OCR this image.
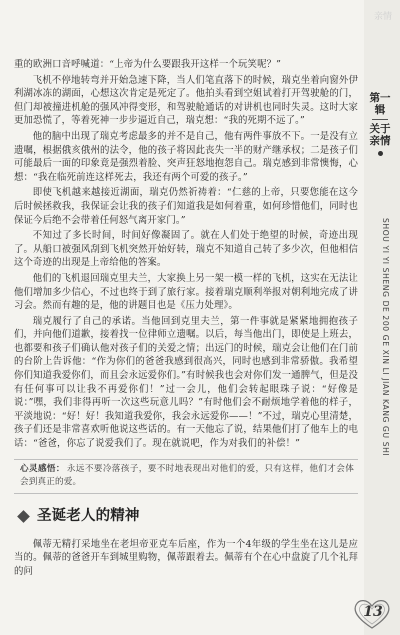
亲情
第一辑
关于亲情
SHOU YI YI SHENG DE 200 GE XIN LI JIAN KANG GU SHI

重的欧洲口音呼喊道：“上帝为什么要跟我开这样一个玩笑呢？”

飞机不停地转弯并开始急速下降，当人们笔直落下的时候，瑞克坐着向窗外伊利湖冰冻的湖面，心想这次肯定是死定了。他拍头看到空姐试着打开驾驶舱的门，但门却被撞进机舱的强风冲得变形，和驾驶舱通话的对讲机也同时失灵。这时大家更加恐慌了，等着死神一步步逼近自己，瑞克想：“我的死期不远了。”

他的脑中出现了瑞克考虑最多的并不是自己，他有两件事放不下。一是没有立遗嘱，根据俄亥俄州的法令，他的孩子将因此丧失一半的财产继承权；二是孩子们可能最后一面的印象竟是强烈着脸、突声狂怒地抱怨自己。瑞克感到非常懊悔，心想：“我在临死前连这样死去，我还有两个可爱的孩子。”

即使飞机越来越接近湖面，瑞克仍然祈祷着：“仁慈的上帝，只要您能在这今后时候拯救我，我保证会让我的孩子们知道我是如何着重，如何珍惜他们，同时也保证今后绝不会带着任何怒气离开家门。”

不知过了多长时间，时间好像凝固了。就在人们处于绝望的时候，奇迹出现了。从船口被强风刮到飞机突然开始好转，瑞克不知道自己转了多少次，但他相信这个奇迹的出现是上帝给他的答案。

他们的飞机退回瑞克里夫兰，大家换上另一架一模一样的飞机，这实在无法让他们增加多少信心，不过也终于到了旅行家。接着瑞克顺利举报对朝利地完成了讲习会。然而有趣的是，他的讲题目也是《压力处理》。

瑞克履行了自己的承诺。当他回到克里夫兰，第一件事就是紧紧地拥抱孩子们，并向他们道歉，接着找一位律师立遗嘱。以后，每当他出门，即使是上班去，也都要和孩子们确认他对孩子们的关爱之情；出远门的时候，瑞克会让他们在门前的台阶上告诉他：“作为你们的爸爸我感到很高兴，同时也感到非常骄傲。我希望你们知道我爱你们，而且会永远爱你们。”有时候我也会对你们发一通脾气，但是没有任何事可以让我不再爱你们！”过一会儿，他们会转起眼珠子说：“好像是说：”嘿，我们非得再听一次这些玩意儿吗？”有时他们会不耐烦地学着他的样子，平淡地说：“好！好！我知道我爱你，我会永远爱你——！”不过，瑞克心里清楚，孩子们还是非常喜欢听他说这些话的。有一天他忘了说，结果他们打了他车上的电话：“爸爸，你忘了说爱我们了。现在就说吧，作为对我们的补偿！”

心灵感悟： 永远不要冷落孩子，要不时地表现出对他们的爱，只有这样，他们才会体会到真正的爱。
圣诞老人的精神

佩蒂无精打采地坐在老坦帝亚克车后座，作为一个4年级的学生坐在这儿是应当的。佩蒂的爸爸开车到城里购物，佩蒂跟着去。佩蒂有个在心中盘旋了几个礼拜的问

13
